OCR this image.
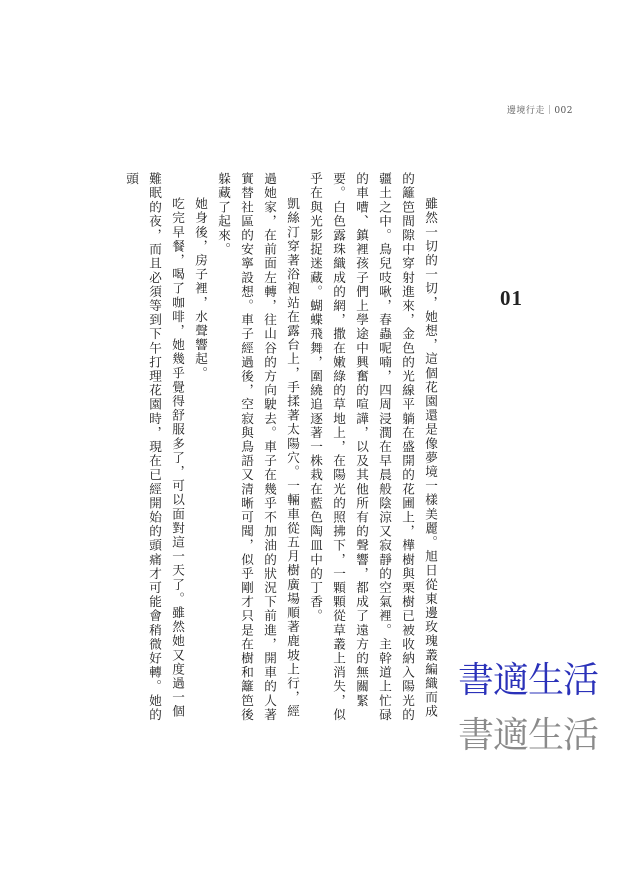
邊境行走｜002
01

雖然一切的一切，她想，這個花園還是像夢境一樣美麗。旭日從東邊玫瑰叢編織而成的籬笆間隙中穿射進來，金色的光線平躺在盛開的花圃上，樺樹與栗樹已被收納入陽光的疆土之中。鳥兒吱啾，春蟲呢喃，四周浸潤在早晨般陰涼又寂靜的空氣裡。主幹道上忙碌的車嘈、鎮裡孩子們上學途中興奮的喧譁，以及其他所有的聲響，都成了遠方的無關緊要。白色露珠織成的網，撒在嫩綠的草地上，在陽光的照拂下，一顆顆從草叢上消失，似乎在與光影捉迷藏。蝴蝶飛舞，圍繞追逐著一株栽在藍色陶皿中的丁香。

凱絲汀穿著浴袍站在露台上，手揉著太陽穴。一輛車從五月樹廣場順著鹿坡上行，經過她家，在前面左轉，往山谷的方向駛去。車子在幾乎不加油的狀況下前進，開車的人著實替社區的安寧設想。車子經過後，空寂與鳥語又清晰可聞，似乎剛才只是在樹和籬笆後躲藏了起來。

她身後，房子裡，水聲響起。

吃完早餐，喝了咖啡，她幾乎覺得舒服多了，可以面對這一天了。雖然她又度過一個難眠的夜，而且必須等到下午打理花園時，現在已經開始的頭痛才可能會稍微好轉。她的頭

書適生活
書適生活
